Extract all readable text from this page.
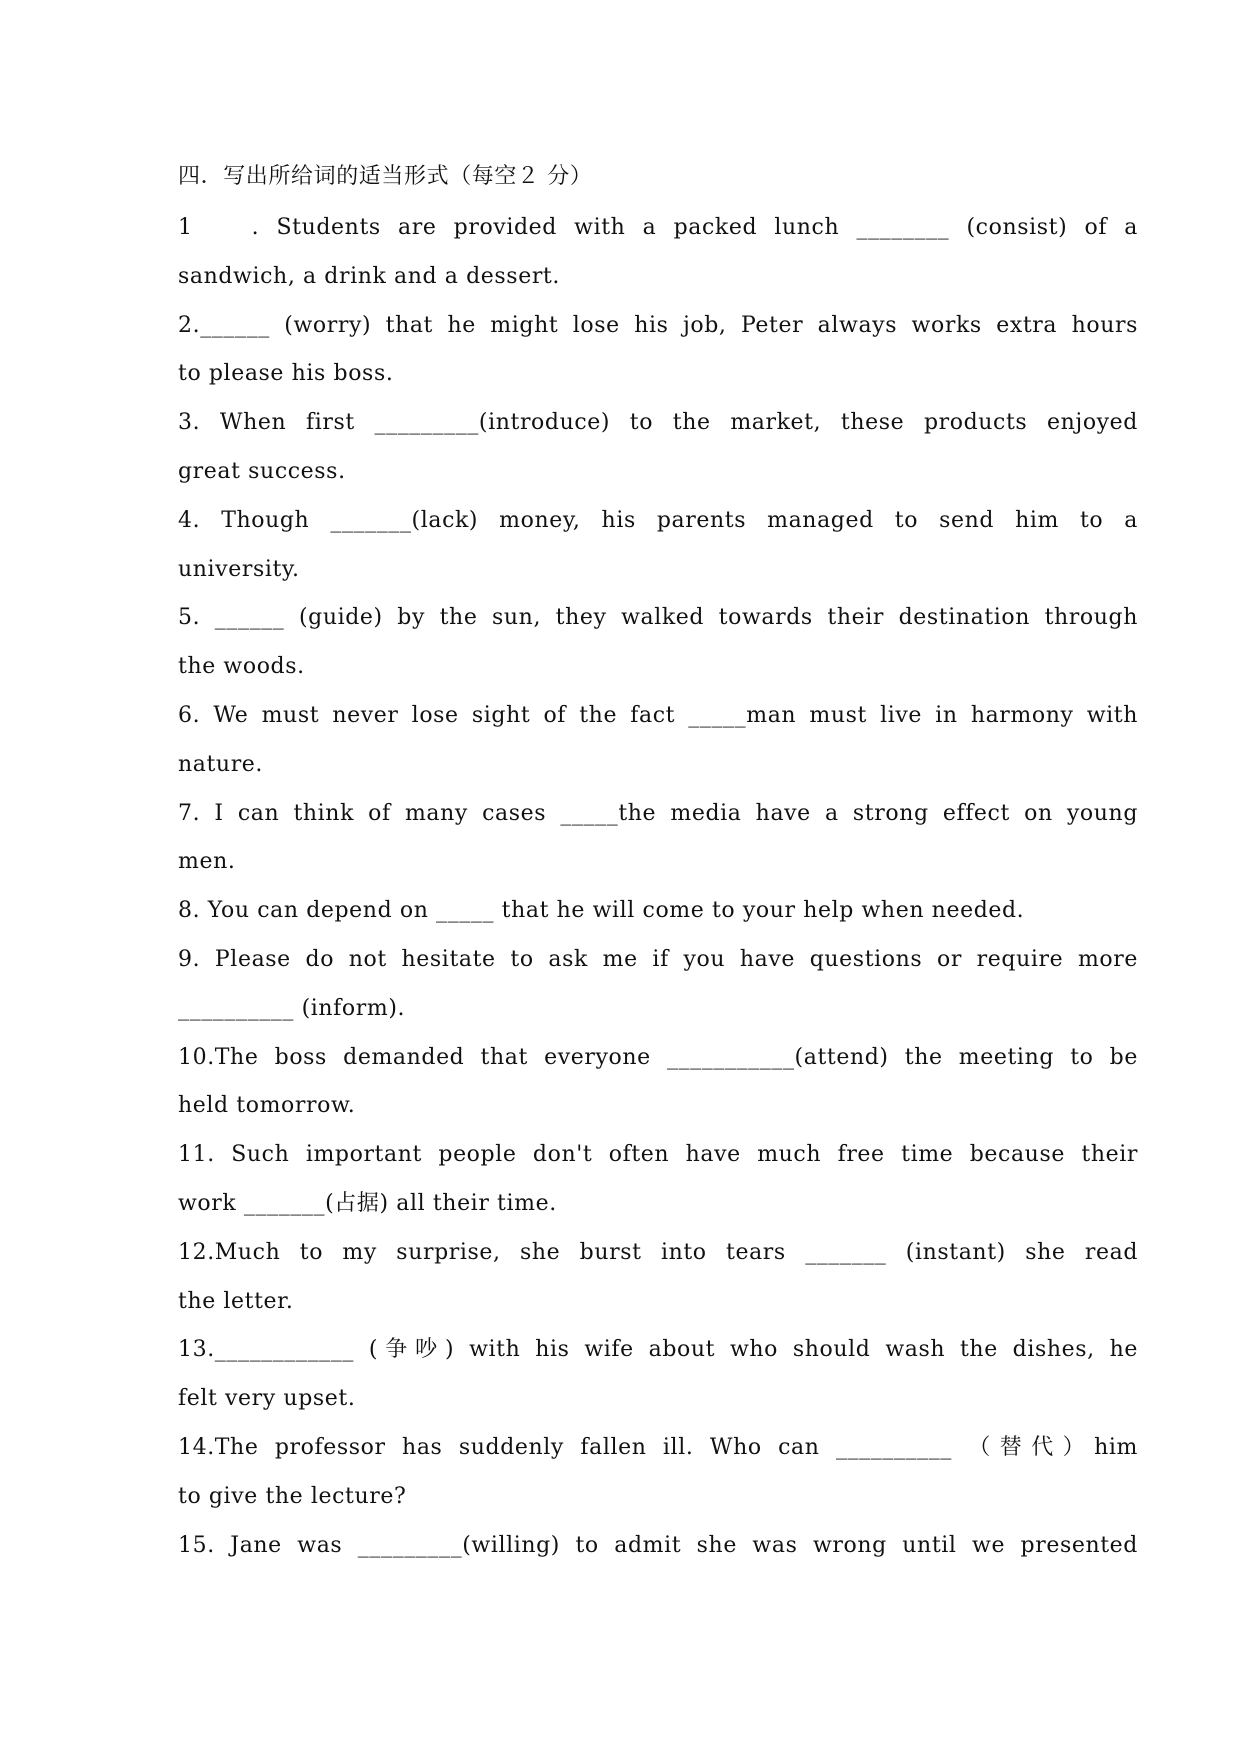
四．写出所给词的适当形式（每空２ 分）
1　 . Students are provided with a packed lunch ________ (consist) of a
sandwich, a drink and a dessert.
2.______ (worry) that he might lose his job, Peter always works extra hours
to please his boss.
3. When first _________(introduce) to the market, these products enjoyed
great success.
4. Though _______(lack) money, his parents managed to send him to a
university.
5. ______ (guide) by the sun, they walked towards their destination through
the woods.
6. We must never lose sight of the fact _____man must live in harmony with
nature.
7. I can think of many cases _____the media have a strong effect on young
men.
8. You can depend on _____ that he will come to your help when needed.
9. Please do not hesitate to ask me if you have questions or require more
__________ (inform).
10.The boss demanded that everyone ___________(attend) the meeting to be
held tomorrow.
11. Such important people don't often have much free time because their
work _______(占据) all their time.
12.Much to my surprise, she burst into tears _______ (instant) she read
the letter.
13.____________ (争吵) with his wife about who should wash the dishes, he
felt very upset.
14.The professor has suddenly fallen ill. Who can __________ （替代）him
to give the lecture?
15. Jane was _________(willing) to admit she was wrong until we presented
